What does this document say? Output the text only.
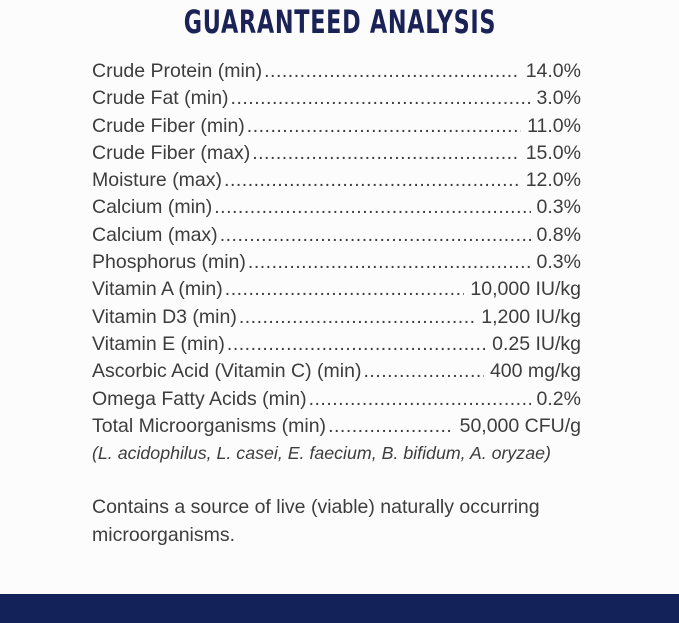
GUARANTEED ANALYSIS
Crude Protein (min) .....	14.0%
Crude Fat (min) .....	3.0%
Crude Fiber (min) .....	11.0%
Crude Fiber (max) .....	15.0%
Moisture (max) .....	12.0%
Calcium (min) .....	0.3%
Calcium (max) .....	0.8%
Phosphorus (min) .....	0.3%
Vitamin A (min) .....	10,000 IU/kg
Vitamin D3 (min) .....	1,200 IU/kg
Vitamin E (min) .....	0.25 IU/kg
Ascorbic Acid (Vitamin C) (min) .....	400 mg/kg
Omega Fatty Acids (min) .....	0.2%
Total Microorganisms (min) .....	50,000 CFU/g
(L. acidophilus, L. casei, E. faecium, B. bifidum, A. oryzae)
Contains a source of live (viable) naturally occurring microorganisms.
